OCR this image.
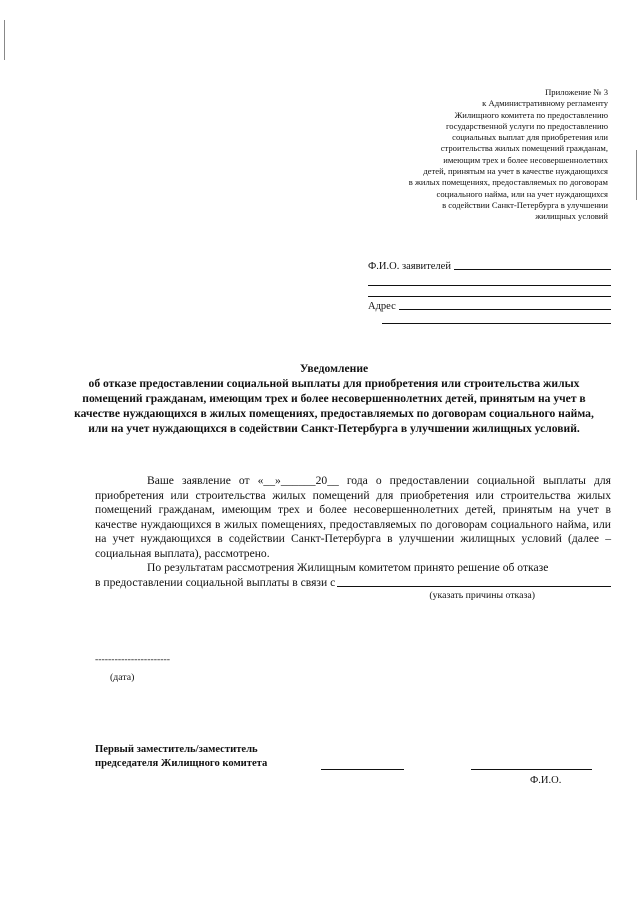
Приложение № 3
к Административному регламенту
Жилищного комитета по предоставлению
государственной услуги по предоставлению
социальных выплат для приобретения или
строительства жилых помещений гражданам,
имеющим трех и более несовершеннолетних
детей, принятым на учет в качестве нуждающихся
в жилых помещениях, предоставляемых по договорам
социального найма, или на учет нуждающихся
в содействии Санкт-Петербурга в улучшении
жилищных условий
Ф.И.О. заявителей
Адрес
Уведомление
об отказе предоставлении социальной выплаты для приобретения или строительства жилых помещений гражданам, имеющим трех и более несовершеннолетних детей, принятым на учет в качестве нуждающихся в жилых помещениях, предоставляемых по договорам социального найма, или на учет нуждающихся в содействии Санкт-Петербурга в улучшении жилищных условий.

Ваше заявление от «__»______20__ года о предоставлении социальной выплаты для приобретения или строительства жилых помещений для приобретения или строительства жилых помещений гражданам, имеющим трех и более несовершеннолетних детей, принятым на учет в качестве нуждающихся в жилых помещениях, предоставляемых по договорам социального найма, или на учет нуждающихся в содействии Санкт-Петербурга в улучшении жилищных условий (далее – социальная выплата), рассмотрено.

По результатам рассмотрения Жилищным комитетом принято решение об отказе

в предоставлении социальной выплаты в связи с
(указать причины отказа)
-----------------------
(дата)
Первый заместитель/заместитель
председателя Жилищного комитета
Ф.И.О.
